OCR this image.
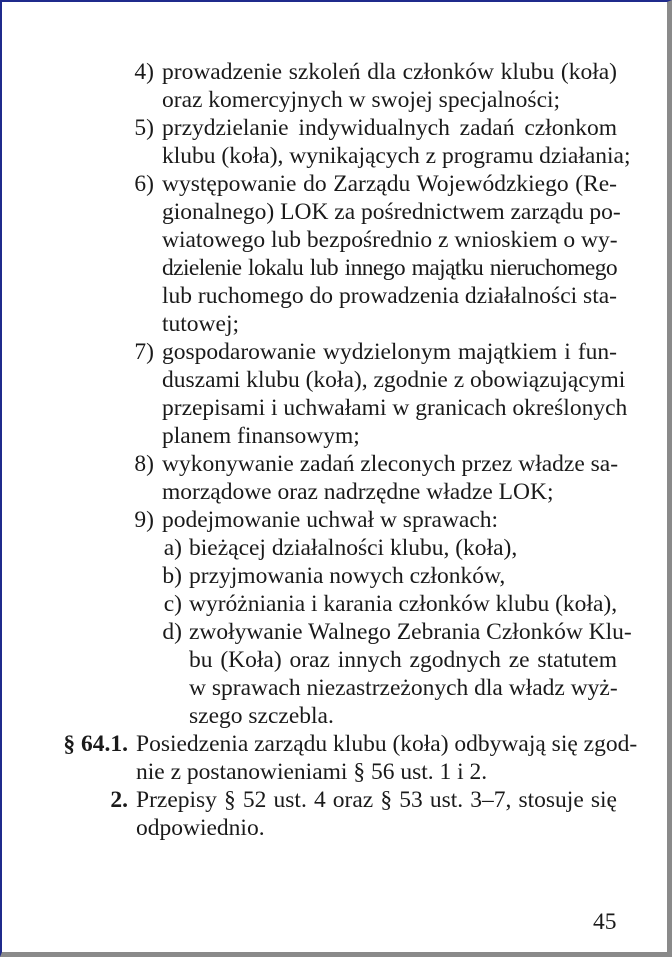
4) prowadzenie szkoleń dla członków klubu (koła)
oraz komercyjnych w swojej specjalności;
5) przydzielanie indywidualnych zadań członkom
klubu (koła), wynikających z programu działania;
6) występowanie do Zarządu Wojewódzkiego (Re-
gionalnego) LOK za pośrednictwem zarządu po-
wiatowego lub bezpośrednio z wnioskiem o wy-
dzielenie lokalu lub innego majątku nieruchomego
lub ruchomego do prowadzenia działalności sta-
tutowej;
7) gospodarowanie wydzielonym majątkiem i fun-
duszami klubu (koła), zgodnie z obowiązującymi
przepisami i uchwałami w granicach określonych
planem finansowym;
8) wykonywanie zadań zleconych przez władze sa-
morządowe oraz nadrzędne władze LOK;
9) podejmowanie uchwał w sprawach:
a) bieżącej działalności klubu, (koła),
b) przyjmowania nowych członków,
c) wyróżniania i karania członków klubu (koła),
d) zwoływanie Walnego Zebrania Członków Klu-
bu (Koła) oraz innych zgodnych ze statutem
w sprawach niezastrzeżonych dla władz wyż-
szego szczebla.
§ 64.1. Posiedzenia zarządu klubu (koła) odbywają się zgod-
nie z postanowieniami § 56 ust. 1 i 2.
2. Przepisy § 52 ust. 4 oraz § 53 ust. 3–7, stosuje się
odpowiednio.
45
